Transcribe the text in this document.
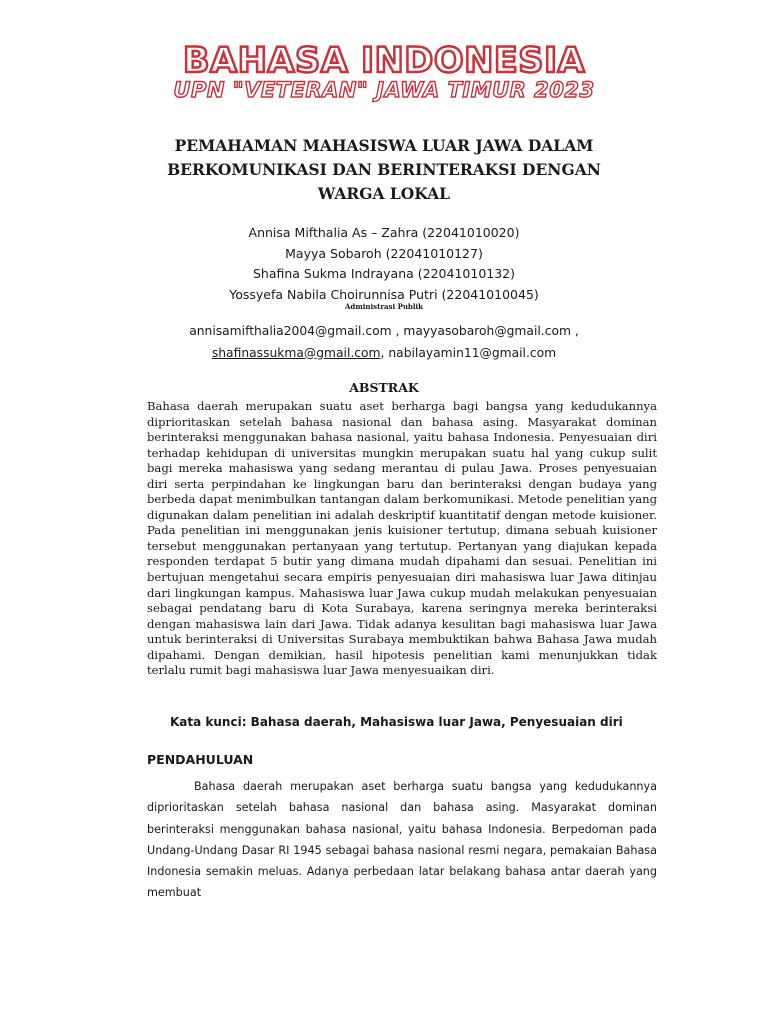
BAHASA INDONESIA
UPN "VETERAN" JAWA TIMUR 2023
PEMAHAMAN MAHASISWA LUAR JAWA DALAM BERKOMUNIKASI DAN BERINTERAKSI DENGAN WARGA LOKAL
Annisa Mifthalia As – Zahra (22041010020)
Mayya Sobaroh (22041010127)
Shafina Sukma Indrayana (22041010132)
Yossyefa Nabila Choirunnisa Putri (22041010045)
Administrasi Publik
annisamifthalia2004@gmail.com , mayyasobaroh@gmail.com ,
shafinassukma@gmail.com, nabilayamin11@gmail.com
ABSTRAK

Bahasa daerah merupakan suatu aset berharga bagi bangsa yang kedudukannya diprioritaskan setelah bahasa nasional dan bahasa asing. Masyarakat dominan berinteraksi menggunakan bahasa nasional, yaitu bahasa Indonesia. Penyesuaian diri terhadap kehidupan di universitas mungkin merupakan suatu hal yang cukup sulit bagi mereka mahasiswa yang sedang merantau di pulau Jawa. Proses penyesuaian diri serta perpindahan ke lingkungan baru dan berinteraksi dengan budaya yang berbeda dapat menimbulkan tantangan dalam berkomunikasi. Metode penelitian yang digunakan dalam penelitian ini adalah deskriptif kuantitatif dengan metode kuisioner. Pada penelitian ini menggunakan jenis kuisioner tertutup, dimana sebuah kuisioner tersebut menggunakan pertanyaan yang tertutup. Pertanyan yang diajukan kepada responden terdapat 5 butir yang dimana mudah dipahami dan sesuai. Penelitian ini bertujuan mengetahui secara empiris penyesuaian diri mahasiswa luar Jawa ditinjau dari lingkungan kampus. Mahasiswa luar Jawa cukup mudah melakukan penyesuaian sebagai pendatang baru di Kota Surabaya, karena seringnya mereka berinteraksi dengan mahasiswa lain dari Jawa. Tidak adanya kesulitan bagi mahasiswa luar Jawa untuk berinteraksi di Universitas Surabaya membuktikan bahwa Bahasa Jawa mudah dipahami. Dengan demikian, hasil hipotesis penelitian kami menunjukkan tidak terlalu rumit bagi mahasiswa luar Jawa menyesuaikan diri.

Kata kunci: Bahasa daerah, Mahasiswa luar Jawa, Penyesuaian diri
PENDAHULUAN

Bahasa daerah merupakan aset berharga suatu bangsa yang kedudukannya diprioritaskan setelah bahasa nasional dan bahasa asing. Masyarakat dominan berinteraksi menggunakan bahasa nasional, yaitu bahasa Indonesia. Berpedoman pada Undang-Undang Dasar RI 1945 sebagai bahasa nasional resmi negara, pemakaian Bahasa Indonesia semakin meluas. Adanya perbedaan latar belakang bahasa antar daerah yang membuat
